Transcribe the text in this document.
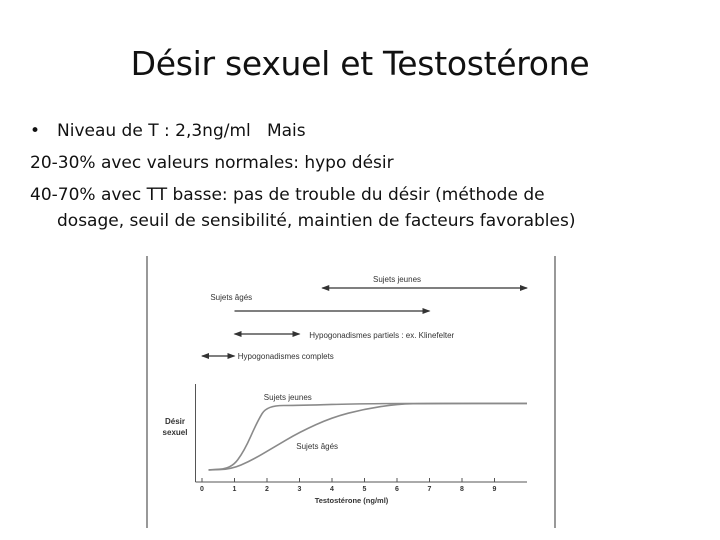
Désir sexuel et Testostérone
• Niveau de T : 2,3ng/ml   Mais
20-30% avec valeurs normales: hypo désir
40-70% avec TT basse: pas de trouble du désir (méthode de
dosage, seuil de sensibilité, maintien de facteurs favorables)
Sujets jeunes
Sujets âgés
Hypogonadismes partiels : ex. Klinefelter
Hypogonadismes complets
0	1	2	3	4	5	6	7	8	9
Désir
sexuel
Testostérone (ng/ml)
Sujets jeunes
Sujets âgés
